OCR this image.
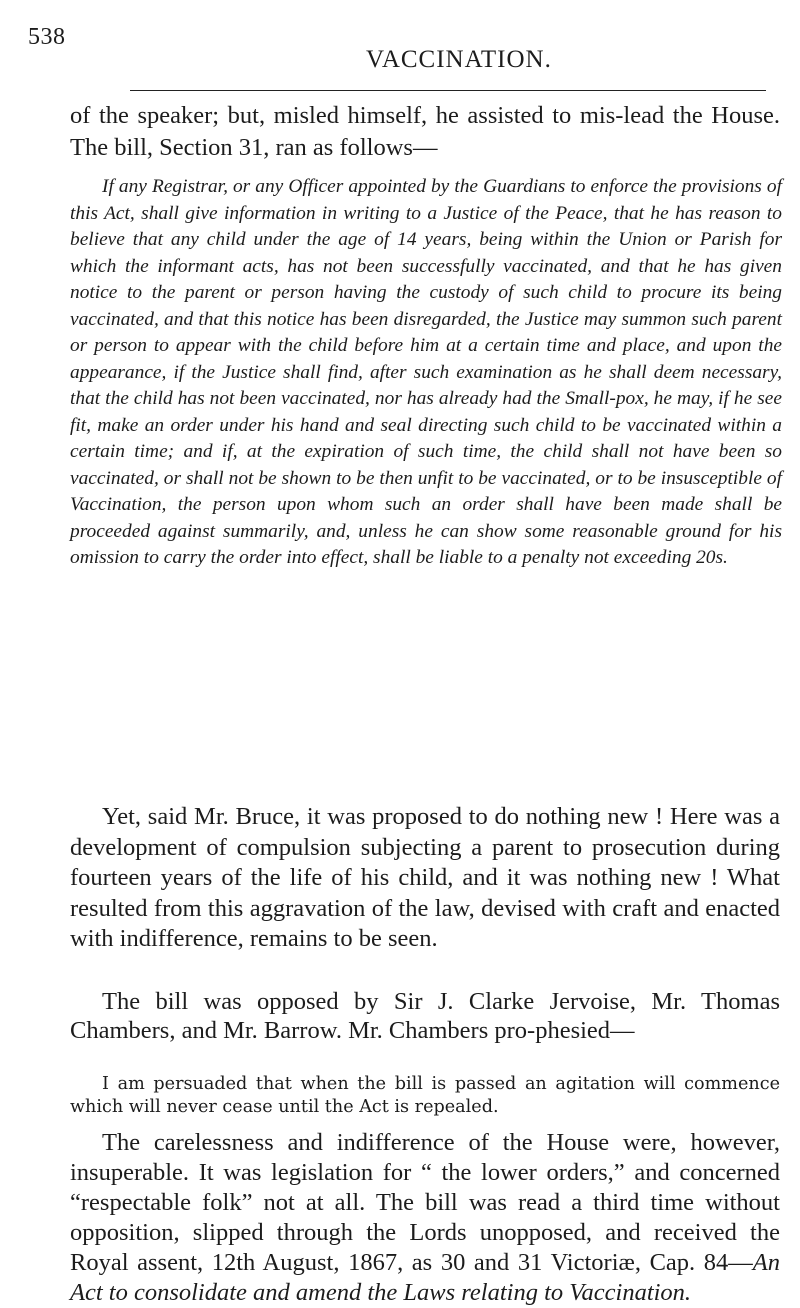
538
VACCINATION.

of the speaker; but, misled himself, he assisted to mis-lead the House. The bill, Section 31, ran as follows—

If any Registrar, or any Officer appointed by the Guardians to enforce the provisions of this Act, shall give information in writing to a Justice of the Peace, that he has reason to believe that any child under the age of 14 years, being within the Union or Parish for which the informant acts, has not been successfully vaccinated, and that he has given notice to the parent or person having the custody of such child to procure its being vaccinated, and that this notice has been disregarded, the Justice may summon such parent or person to appear with the child before him at a certain time and place, and upon the appearance, if the Justice shall find, after such examination as he shall deem necessary, that the child has not been vaccinated, nor has already had the Small-pox, he may, if he see fit, make an order under his hand and seal directing such child to be vaccinated within a certain time; and if, at the expiration of such time, the child shall not have been so vaccinated, or shall not be shown to be then unfit to be vaccinated, or to be insusceptible of Vaccination, the person upon whom such an order shall have been made shall be proceeded against summarily, and, unless he can show some reasonable ground for his omission to carry the order into effect, shall be liable to a penalty not exceeding 20s.

Yet, said Mr. Bruce, it was proposed to do nothing new ! Here was a development of compulsion subjecting a parent to prosecution during fourteen years of the life of his child, and it was nothing new ! What resulted from this aggravation of the law, devised with craft and enacted with indifference, remains to be seen.

The bill was opposed by Sir J. Clarke Jervoise, Mr. Thomas Chambers, and Mr. Barrow. Mr. Chambers pro-phesied—

I am persuaded that when the bill is passed an agitation will commence which will never cease until the Act is repealed.

The carelessness and indifference of the House were, however, insuperable. It was legislation for “ the lower orders,” and concerned “respectable folk” not at all. The bill was read a third time without opposition, slipped through the Lords unopposed, and received the Royal assent, 12th August, 1867, as 30 and 31 Victoriæ, Cap. 84—An Act to consolidate and amend the Laws relating to Vaccination.
